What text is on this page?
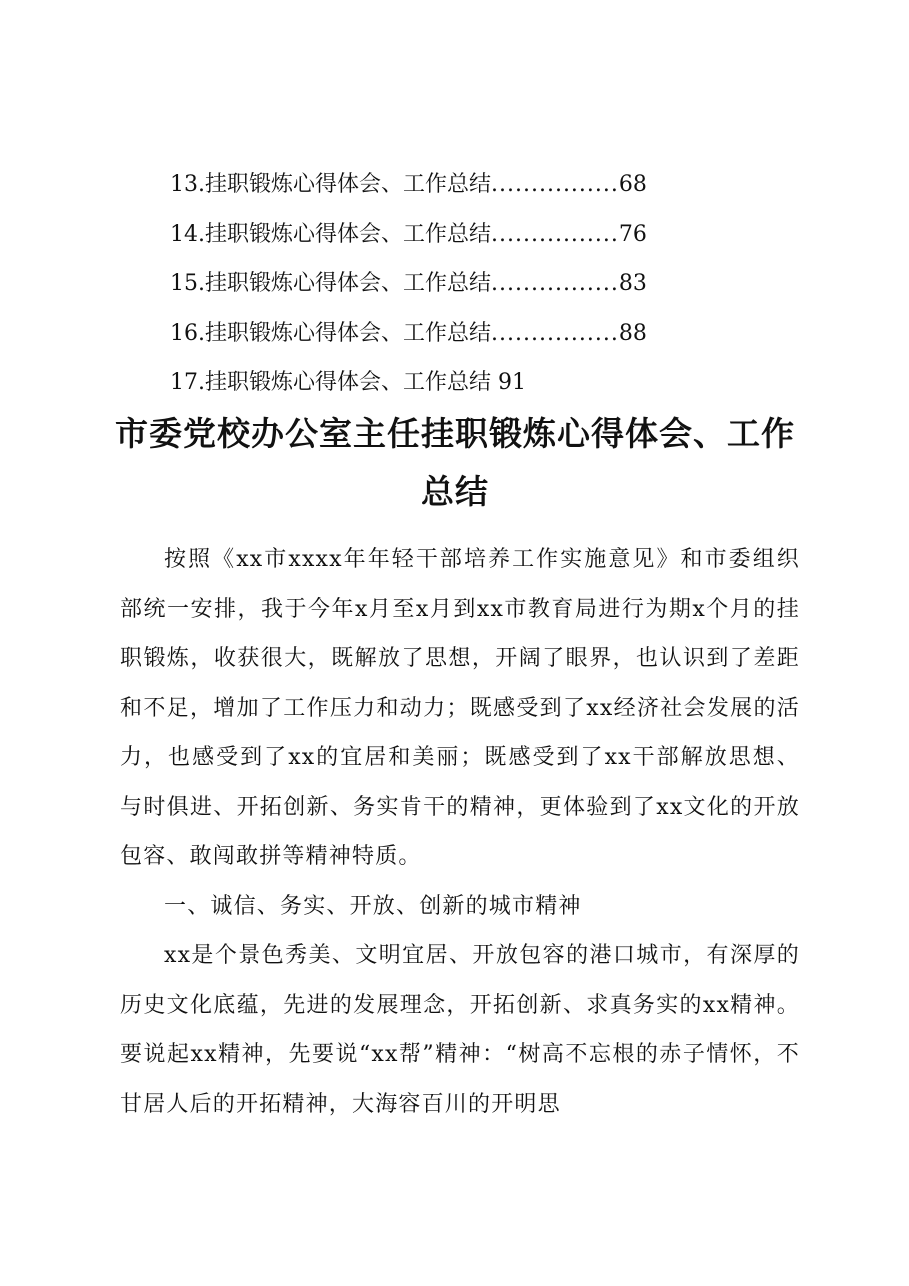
13.挂职锻炼心得体会、工作总结................68
14.挂职锻炼心得体会、工作总结................76
15.挂职锻炼心得体会、工作总结................83
16.挂职锻炼心得体会、工作总结................88
17.挂职锻炼心得体会、工作总结 91
市委党校办公室主任挂职锻炼心得体会、工作
总结

按照《xx市xxxx年年轻干部培养工作实施意见》和市委组织部统一安排，我于今年x月至x月到xx市教育局进行为期x个月的挂职锻炼，收获很大，既解放了思想，开阔了眼界，也认识到了差距和不足，增加了工作压力和动力；既感受到了xx经济社会发展的活力，也感受到了xx的宜居和美丽；既感受到了xx干部解放思想、与时俱进、开拓创新、务实肯干的精神，更体验到了xx文化的开放包容、敢闯敢拼等精神特质。

一、诚信、务实、开放、创新的城市精神

xx是个景色秀美、文明宜居、开放包容的港口城市，有深厚的历史文化底蕴，先进的发展理念，开拓创新、求真务实的xx精神。要说起xx精神，先要说“xx帮”精神：“树高不忘根的赤子情怀，不甘居人后的开拓精神，大海容百川的开明思
